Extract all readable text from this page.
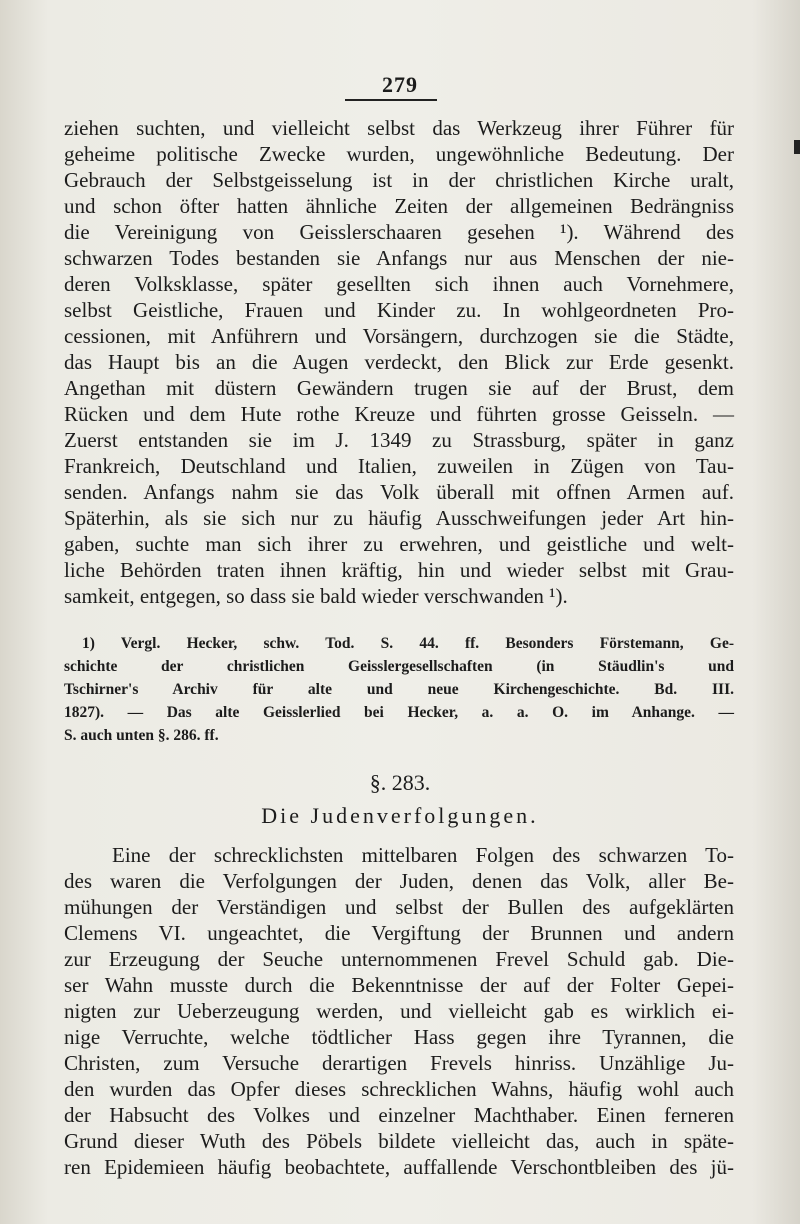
279
ziehen suchten, und vielleicht selbst das Werkzeug ihrer Führer für
geheime politische Zwecke wurden, ungewöhnliche Bedeutung. Der
Gebrauch der Selbstgeisselung ist in der christlichen Kirche uralt,
und schon öfter hatten ähnliche Zeiten der allgemeinen Bedrängniss
die Vereinigung von Geisslerschaaren gesehen ¹). Während des
schwarzen Todes bestanden sie Anfangs nur aus Menschen der nie-
deren Volksklasse, später gesellten sich ihnen auch Vornehmere,
selbst Geistliche, Frauen und Kinder zu. In wohlgeordneten Pro-
cessionen, mit Anführern und Vorsängern, durchzogen sie die Städte,
das Haupt bis an die Augen verdeckt, den Blick zur Erde gesenkt.
Angethan mit düstern Gewändern trugen sie auf der Brust, dem
Rücken und dem Hute rothe Kreuze und führten grosse Geisseln. —
Zuerst entstanden sie im J. 1349 zu Strassburg, später in ganz
Frankreich, Deutschland und Italien, zuweilen in Zügen von Tau-
senden. Anfangs nahm sie das Volk überall mit offnen Armen auf.
Späterhin, als sie sich nur zu häufig Ausschweifungen jeder Art hin-
gaben, suchte man sich ihrer zu erwehren, und geistliche und welt-
liche Behörden traten ihnen kräftig, hin und wieder selbst mit Grau-
samkeit, entgegen, so dass sie bald wieder verschwanden ¹).
1) Vergl. Hecker, schw. Tod. S. 44. ff. Besonders Förstemann, Ge-
schichte der christlichen Geisslergesellschaften (in Stäudlin's und
Tschirner's Archiv für alte und neue Kirchengeschichte. Bd. III.
1827). — Das alte Geisslerlied bei Hecker, a. a. O. im Anhange. —
S. auch unten §. 286. ff.
§. 283.
Die Judenverfolgungen.
Eine der schrecklichsten mittelbaren Folgen des schwarzen To-
des waren die Verfolgungen der Juden, denen das Volk, aller Be-
mühungen der Verständigen und selbst der Bullen des aufgeklärten
Clemens VI. ungeachtet, die Vergiftung der Brunnen und andern
zur Erzeugung der Seuche unternommenen Frevel Schuld gab. Die-
ser Wahn musste durch die Bekenntnisse der auf der Folter Gepei-
nigten zur Ueberzeugung werden, und vielleicht gab es wirklich ei-
nige Verruchte, welche tödtlicher Hass gegen ihre Tyrannen, die
Christen, zum Versuche derartigen Frevels hinriss. Unzählige Ju-
den wurden das Opfer dieses schrecklichen Wahns, häufig wohl auch
der Habsucht des Volkes und einzelner Machthaber. Einen ferneren
Grund dieser Wuth des Pöbels bildete vielleicht das, auch in späte-
ren Epidemieen häufig beobachtete, auffallende Verschontbleiben des jü-
